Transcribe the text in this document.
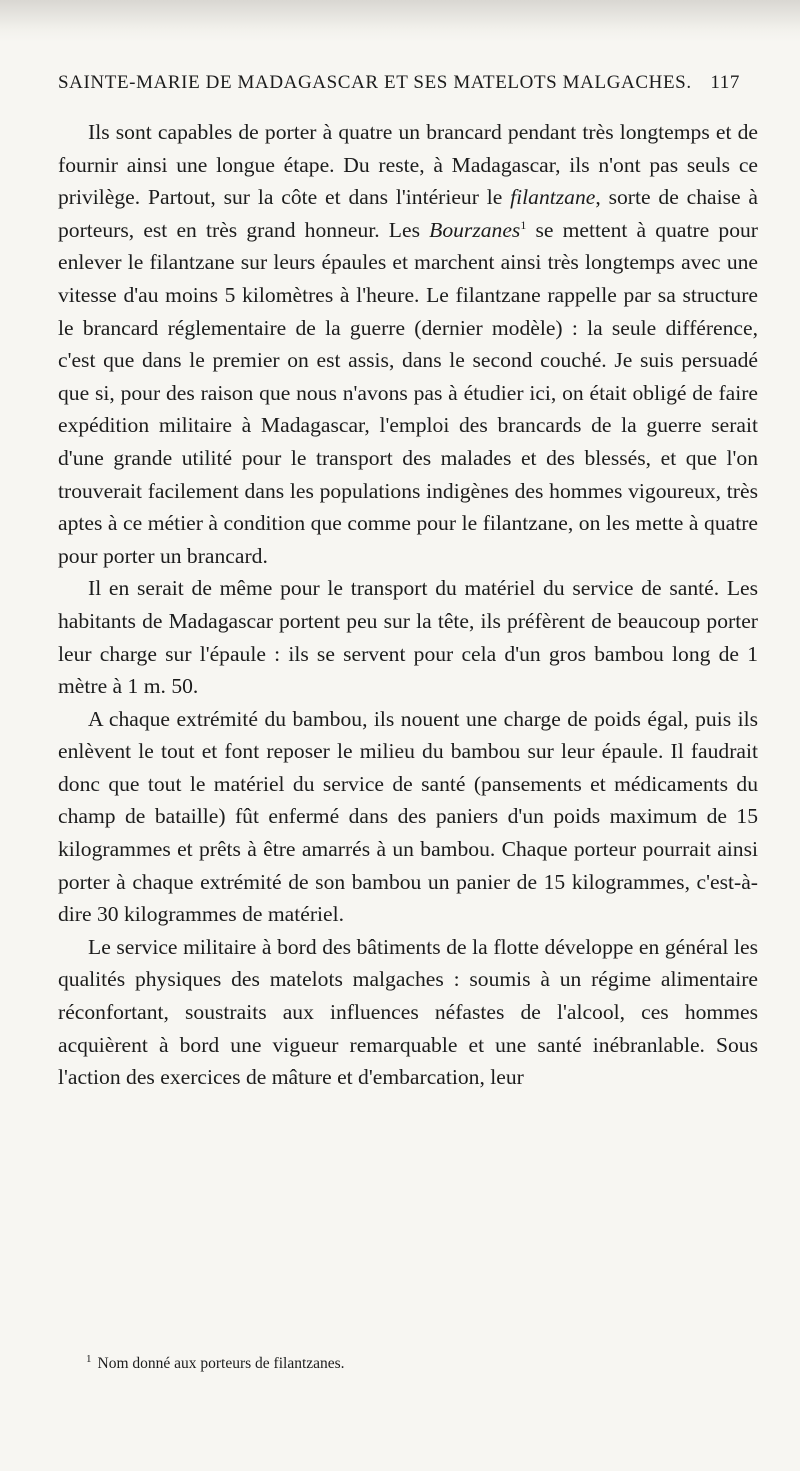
SAINTE-MARIE DE MADAGASCAR ET SES MATELOTS MALGACHES. 117

Ils sont capables de porter à quatre un brancard pendant très longtemps et de fournir ainsi une longue étape. Du reste, à Madagascar, ils n'ont pas seuls ce privilège. Partout, sur la côte et dans l'intérieur le filantzane, sorte de chaise à porteurs, est en très grand honneur. Les Bourzanes$^1$ se mettent à quatre pour enlever le filantzane sur leurs épaules et marchent ainsi très longtemps avec une vitesse d'au moins 5 kilomètres à l'heure. Le filantzane rappelle par sa structure le brancard réglementaire de la guerre (dernier modèle) : la seule différence, c'est que dans le premier on est assis, dans le second couché. Je suis persuadé que si, pour des raison que nous n'avons pas à étudier ici, on était obligé de faire expédition militaire à Madagascar, l'emploi des brancards de la guerre serait d'une grande utilité pour le transport des malades et des blessés, et que l'on trouverait facilement dans les populations indigènes des hommes vigoureux, très aptes à ce métier à condition que comme pour le filantzane, on les mette à quatre pour porter un brancard.

Il en serait de même pour le transport du matériel du service de santé. Les habitants de Madagascar portent peu sur la tête, ils préfèrent de beaucoup porter leur charge sur l'épaule : ils se servent pour cela d'un gros bambou long de 1 mètre à 1 m. 50.

A chaque extrémité du bambou, ils nouent une charge de poids égal, puis ils enlèvent le tout et font reposer le milieu du bambou sur leur épaule. Il faudrait donc que tout le matériel du service de santé (pansements et médicaments du champ de bataille) fût enfermé dans des paniers d'un poids maximum de 15 kilogrammes et prêts à être amarrés à un bambou. Chaque porteur pourrait ainsi porter à chaque extrémité de son bambou un panier de 15 kilogrammes, c'est-à-dire 30 kilogrammes de matériel.

Le service militaire à bord des bâtiments de la flotte développe en général les qualités physiques des matelots malgaches : soumis à un régime alimentaire réconfortant, soustraits aux influences néfastes de l'alcool, ces hommes acquièrent à bord une vigueur remarquable et une santé inébranlable. Sous l'action des exercices de mâture et d'embarcation, leur

$^1$ Nom donné aux porteurs de filantzanes.
